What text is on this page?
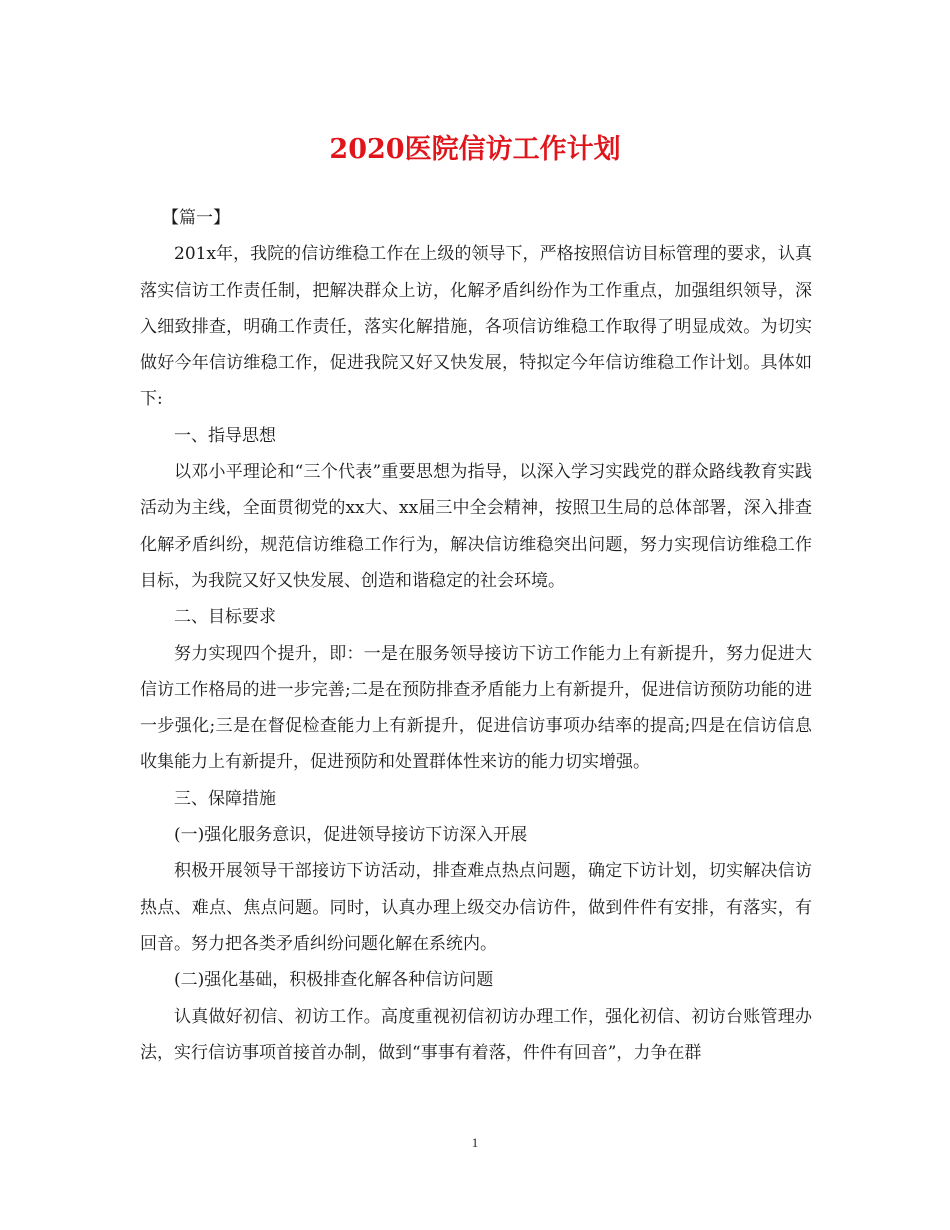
2020医院信访工作计划

【篇一】

201x年，我院的信访维稳工作在上级的领导下，严格按照信访目标管理的要求，认真落实信访工作责任制，把解决群众上访，化解矛盾纠纷作为工作重点，加强组织领导，深入细致排查，明确工作责任，落实化解措施，各项信访维稳工作取得了明显成效。为切实做好今年信访维稳工作，促进我院又好又快发展，特拟定今年信访维稳工作计划。具体如下:

一、指导思想

以邓小平理论和“三个代表”重要思想为指导，以深入学习实践党的群众路线教育实践活动为主线，全面贯彻党的xx大、xx届三中全会精神，按照卫生局的总体部署，深入排查化解矛盾纠纷，规范信访维稳工作行为，解决信访维稳突出问题，努力实现信访维稳工作目标，为我院又好又快发展、创造和谐稳定的社会环境。

二、目标要求

努力实现四个提升，即：一是在服务领导接访下访工作能力上有新提升，努力促进大信访工作格局的进一步完善;二是在预防排查矛盾能力上有新提升，促进信访预防功能的进一步强化;三是在督促检查能力上有新提升，促进信访事项办结率的提高;四是在信访信息收集能力上有新提升，促进预防和处置群体性来访的能力切实增强。

三、保障措施

(一)强化服务意识，促进领导接访下访深入开展

积极开展领导干部接访下访活动，排查难点热点问题，确定下访计划，切实解决信访热点、难点、焦点问题。同时，认真办理上级交办信访件，做到件件有安排，有落实，有回音。努力把各类矛盾纠纷问题化解在系统内。

(二)强化基础，积极排查化解各种信访问题

认真做好初信、初访工作。高度重视初信初访办理工作，强化初信、初访台账管理办法，实行信访事项首接首办制，做到“事事有着落，件件有回音”，力争在群

1
